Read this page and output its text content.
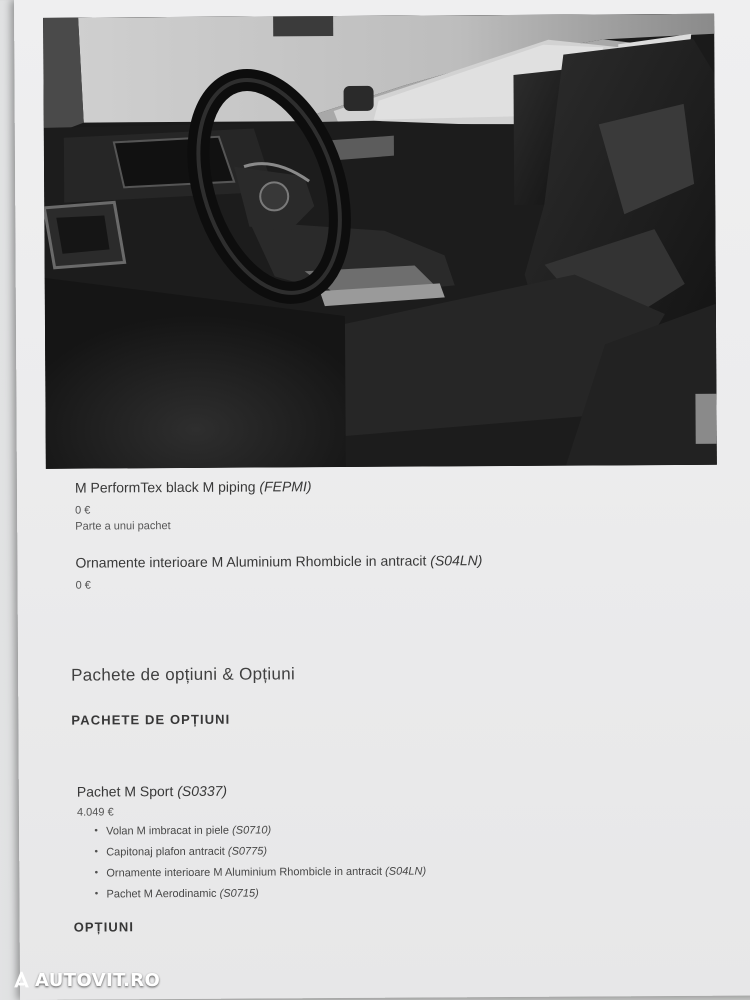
M PerformTex black M piping (FEPMI)
0 €
Parte a unui pachet
Ornamente interioare M Aluminium Rhombicle in antracit (S04LN)
0 €
Pachete de opțiuni & Opțiuni
PACHETE DE OPȚIUNI
Pachet M Sport (S0337)
4.049 €
• Volan M imbracat in piele
(S0710)
• Capitonaj plafon antracit
(S0775)
• Ornamente interioare M Aluminium Rhombicle in antracit
(S04LN)
• Pachet M Aerodinamic
(S0715)
OPȚIUNI
AUTOVIT.RO
